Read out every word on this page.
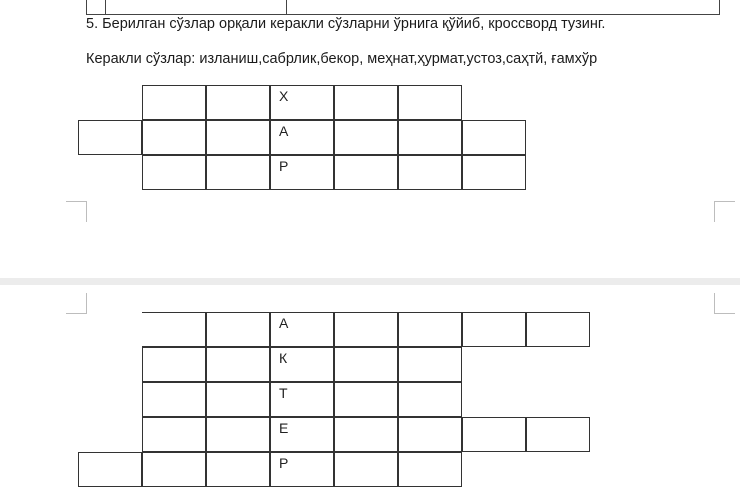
5. Берилган сўзлар орқали керакли сўзларни ўрнига қўйиб, кроссворд тузинг.
Керакли сўзлар: изланиш,сабрлик,бекор, меҳнат,ҳурмат,устоз,саҳтй, ғамхўр
Х
А
Р
А
К
Т
Е
Р
